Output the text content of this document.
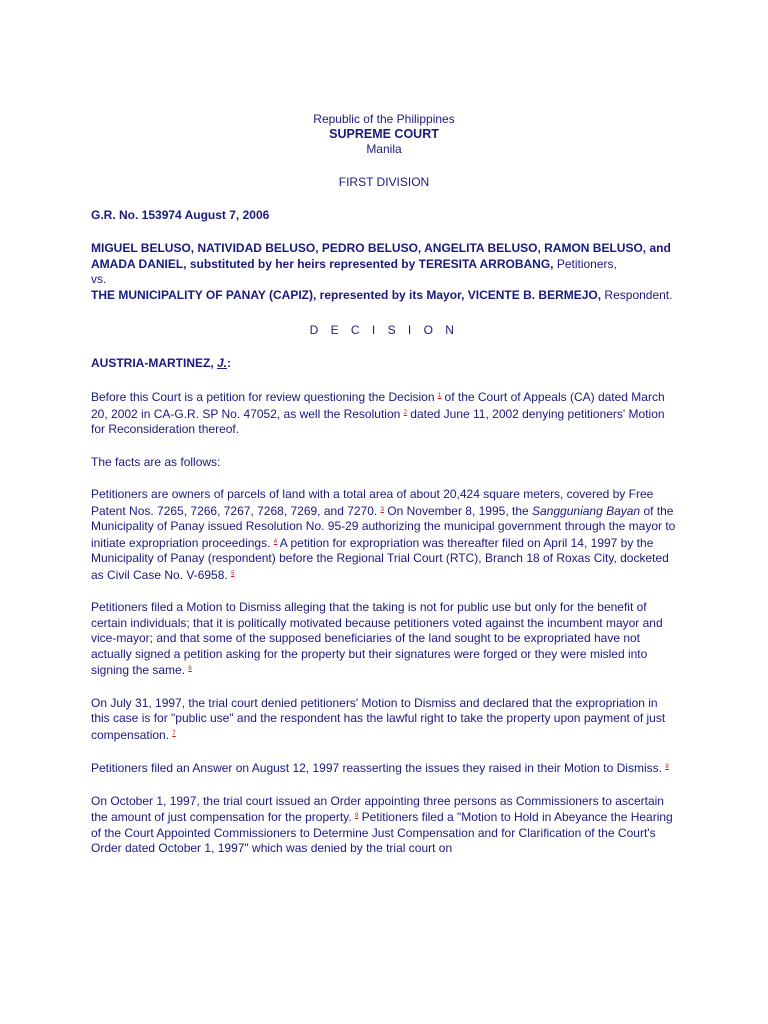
Republic of the Philippines
SUPREME COURT
Manila
FIRST DIVISION
G.R. No. 153974 August 7, 2006
MIGUEL BELUSO, NATIVIDAD BELUSO, PEDRO BELUSO, ANGELITA BELUSO, RAMON BELUSO, and AMADA DANIEL, substituted by her heirs represented by TERESITA ARROBANG, Petitioners,
vs.
THE MUNICIPALITY OF PANAY (CAPIZ), represented by its Mayor, VICENTE B. BERMEJO, Respondent.
D E C I S I O N
AUSTRIA-MARTINEZ, J.:

Before this Court is a petition for review questioning the Decision $^1$ of the Court of Appeals (CA) dated March 20, 2002 in CA-G.R. SP No. 47052, as well the Resolution $^2$ dated June 11, 2002 denying petitioners' Motion for Reconsideration thereof.

The facts are as follows:

Petitioners are owners of parcels of land with a total area of about 20,424 square meters, covered by Free Patent Nos. 7265, 7266, 7267, 7268, 7269, and 7270. $^3$ On November 8, 1995, the Sangguniang Bayan of the Municipality of Panay issued Resolution No. 95-29 authorizing the municipal government through the mayor to initiate expropriation proceedings. $^4$ A petition for expropriation was thereafter filed on April 14, 1997 by the Municipality of Panay (respondent) before the Regional Trial Court (RTC), Branch 18 of Roxas City, docketed as Civil Case No. V-6958. $^5$

Petitioners filed a Motion to Dismiss alleging that the taking is not for public use but only for the benefit of certain individuals; that it is politically motivated because petitioners voted against the incumbent mayor and vice-mayor; and that some of the supposed beneficiaries of the land sought to be expropriated have not actually signed a petition asking for the property but their signatures were forged or they were misled into signing the same. $^6$

On July 31, 1997, the trial court denied petitioners' Motion to Dismiss and declared that the expropriation in this case is for "public use" and the respondent has the lawful right to take the property upon payment of just compensation. $^7$

Petitioners filed an Answer on August 12, 1997 reasserting the issues they raised in their Motion to Dismiss. $^8$

On October 1, 1997, the trial court issued an Order appointing three persons as Commissioners to ascertain the amount of just compensation for the property. $^9$ Petitioners filed a "Motion to Hold in Abeyance the Hearing of the Court Appointed Commissioners to Determine Just Compensation and for Clarification of the Court's Order dated October 1, 1997" which was denied by the trial court on
